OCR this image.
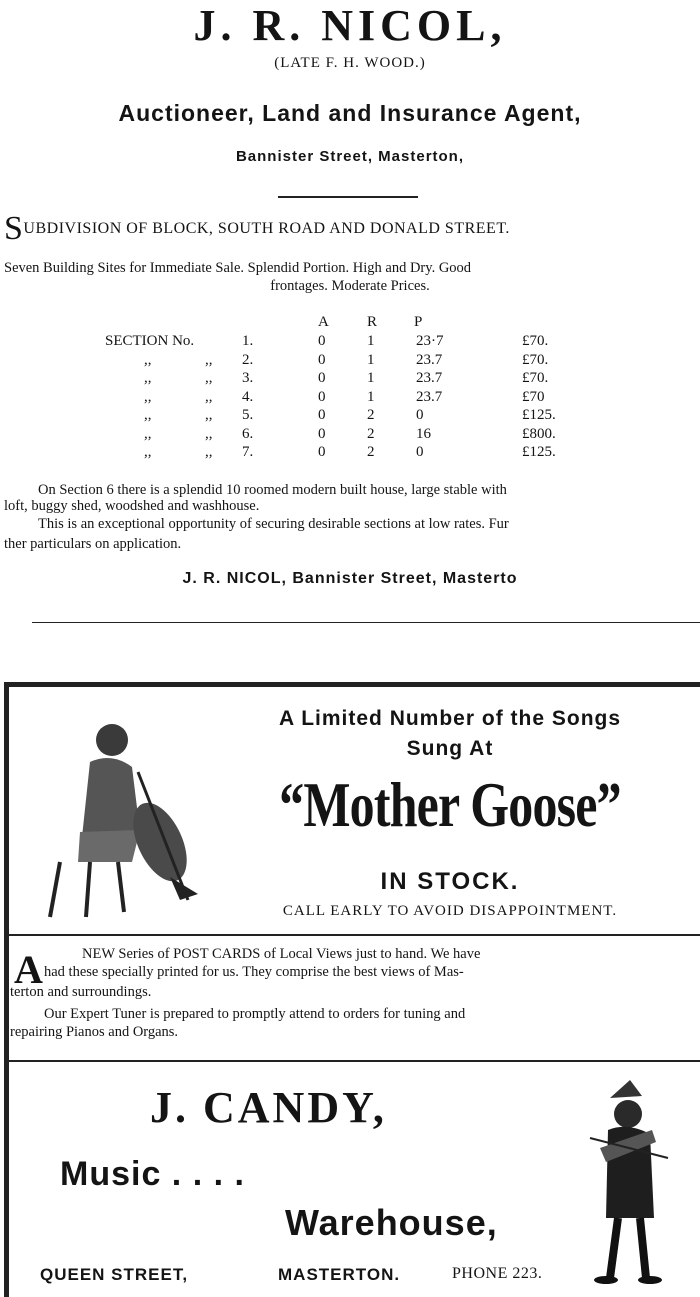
J. R. NICOL,
(LATE F. H. WOOD.)
Auctioneer, Land and Insurance Agent,
Bannister Street, Masterton,
SUBDIVISION OF BLOCK, SOUTH ROAD AND DONALD STREET.
Seven Building Sites for Immediate Sale. Splendid Portion. High and Dry. Good
frontages. Moderate Prices.
A	R P
SECTION No.	1.	0	1	23·7	£70.
,,	,, 2.	0	1	23.7	£70.
,,	,, 3.	0	1	23.7	£70.
,,	,, 4.	0	1	23.7	£70
,,	,, 5.	0	2	0	£125.
,,	,, 6.	0	2	16	£800.
,,	,, 7.	0	2	0	£125.
On Section 6 there is a splendid 10 roomed modern built house, large stable with
loft, buggy shed, woodshed and washhouse.
This is an exceptional opportunity of securing desirable sections at low rates. Fur
ther particulars on application.
J. R. NICOL, Bannister Street, Masterto
A Limited Number of the Songs
Sung At
“Mother Goose”
IN STOCK.
CALL EARLY TO AVOID DISAPPOINTMENT.
A	NEW Series of POST CARDS of Local Views just to hand. We have
had these specially printed for us. They comprise the best views of Mas-
terton and surroundings.
Our Expert Tuner is prepared to promptly attend to orders for tuning and
repairing Pianos and Organs.
J. CANDY,
Music . . . .
Warehouse,
QUEEN STREET,	MASTERTON.	PHONE 223.
